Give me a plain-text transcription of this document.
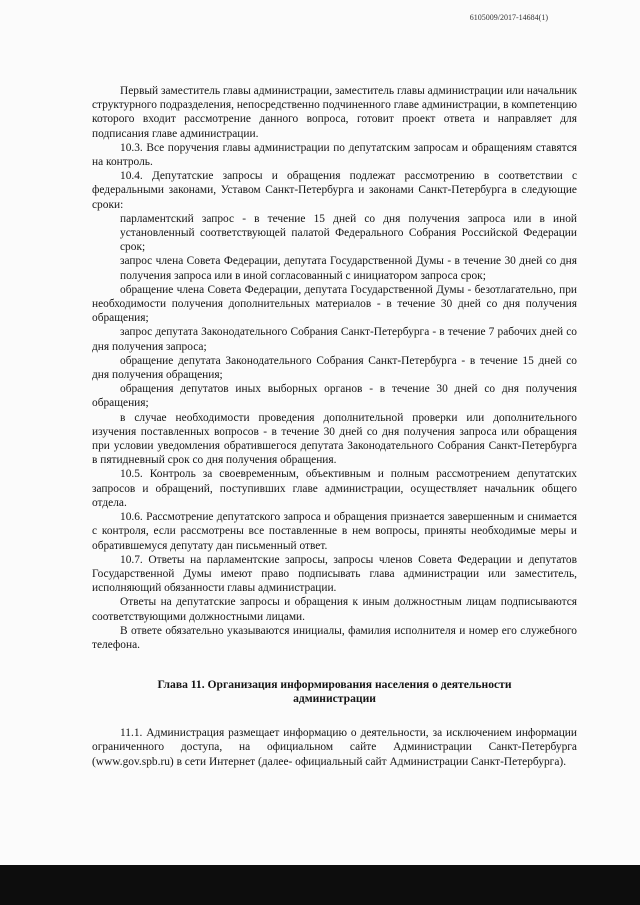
6105009/2017-14684(1)

Первый заместитель главы администрации, заместитель главы администрации или начальник структурного подразделения, непосредственно подчиненного главе администрации, в компетенцию которого входит рассмотрение данного вопроса, готовит проект ответа и направляет для подписания главе администрации.

10.3. Все поручения главы администрации по депутатским запросам и обращениям ставятся на контроль.

10.4. Депутатские запросы и обращения подлежат рассмотрению в соответствии с федеральными законами, Уставом Санкт-Петербурга и законами Санкт-Петербурга в следующие сроки:

парламентский запрос - в течение 15 дней со дня получения запроса или в иной установленный соответствующей палатой Федерального Собрания Российской Федерации срок;

запрос члена Совета Федерации, депутата Государственной Думы - в течение 30 дней со дня получения запроса или в иной согласованный с инициатором запроса срок;

обращение члена Совета Федерации, депутата Государственной Думы - безотлагательно, при необходимости получения дополнительных материалов - в течение 30 дней со дня получения обращения;

запрос депутата Законодательного Собрания Санкт-Петербурга - в течение 7 рабочих дней со дня получения запроса;

обращение депутата Законодательного Собрания Санкт-Петербурга - в течение 15 дней со дня получения обращения;

обращения депутатов иных выборных органов - в течение 30 дней со дня получения обращения;

в случае необходимости проведения дополнительной проверки или дополнительного изучения поставленных вопросов - в течение 30 дней со дня получения запроса или обращения при условии уведомления обратившегося депутата Законодательного Собрания Санкт-Петербурга в пятидневный срок со дня получения обращения.

10.5. Контроль за своевременным, объективным и полным рассмотрением депутатских запросов и обращений, поступивших главе администрации, осуществляет начальник общего отдела.

10.6. Рассмотрение депутатского запроса и обращения признается завершенным и снимается с контроля, если рассмотрены все поставленные в нем вопросы, приняты необходимые меры и обратившемуся депутату дан письменный ответ.

10.7. Ответы на парламентские запросы, запросы членов Совета Федерации и депутатов Государственной Думы имеют право подписывать глава администрации или заместитель, исполняющий обязанности главы администрации.

Ответы на депутатские запросы и обращения к иным должностным лицам подписываются соответствующими должностными лицами.

В ответе обязательно указываются инициалы, фамилия исполнителя и номер его служебного телефона.

Глава 11. Организация информирования населения о деятельности
администрации

11.1. Администрация размещает информацию о деятельности, за исключением информации ограниченного доступа, на официальном сайте Администрации Санкт-Петербурга (www.gov.spb.ru) в сети Интернет (далее- официальный сайт Администрации Санкт-Петербурга).
